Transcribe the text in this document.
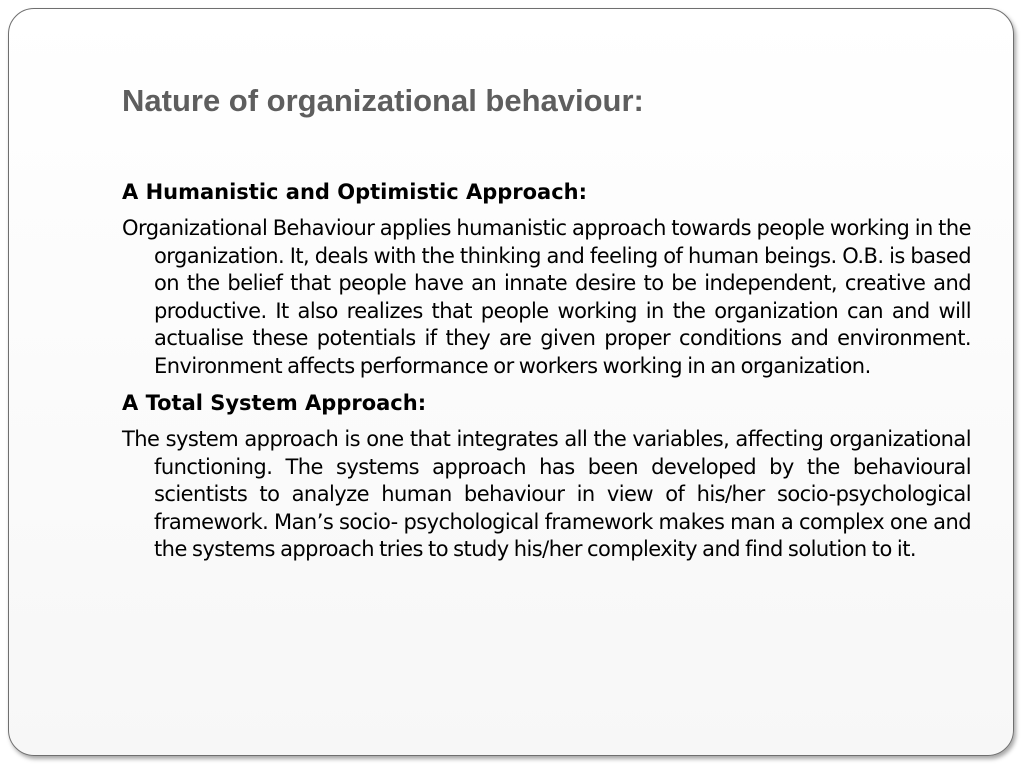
Nature of organizational behaviour:

A Humanistic and Optimistic Approach:

Organizational Behaviour applies humanistic approach towards people working in the organization. It, deals with the thinking and feeling of human beings. O.B. is based on the belief that people have an innate desire to be independent, creative and productive. It also realizes that people working in the organization can and will actualise these potentials if they are given proper conditions and environment. Environment affects performance or workers working in an organization.

A Total System Approach:

The system approach is one that integrates all the variables, affecting organizational functioning. The systems approach has been developed by the behavioural scientists to analyze human behaviour in view of his/her socio-psychological framework. Man’s socio- psychological framework makes man a complex one and the systems approach tries to study his/her complexity and find solution to it.
